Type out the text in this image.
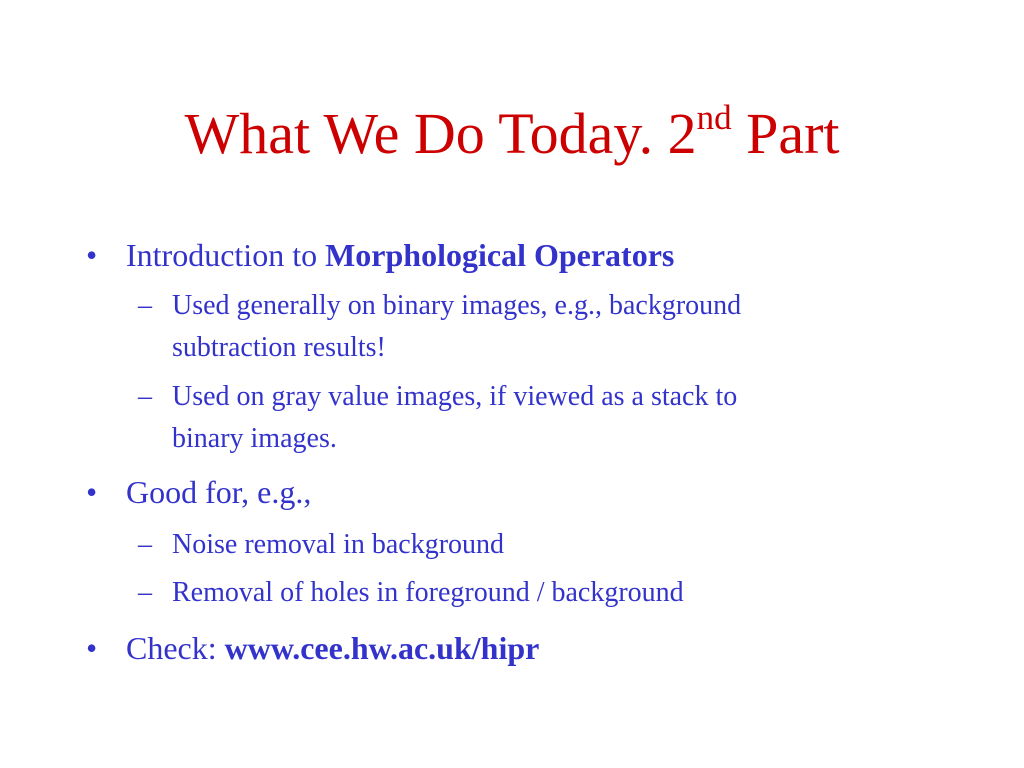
What We Do Today. 2nd Part
• Introduction to Morphological Operators
– Used generally on binary images, e.g., background
subtraction results!
– Used on gray value images, if viewed as a stack to
binary images.
• Good for, e.g.,
– Noise removal in background
– Removal of holes in foreground / background
• Check: www.cee.hw.ac.uk/hipr
